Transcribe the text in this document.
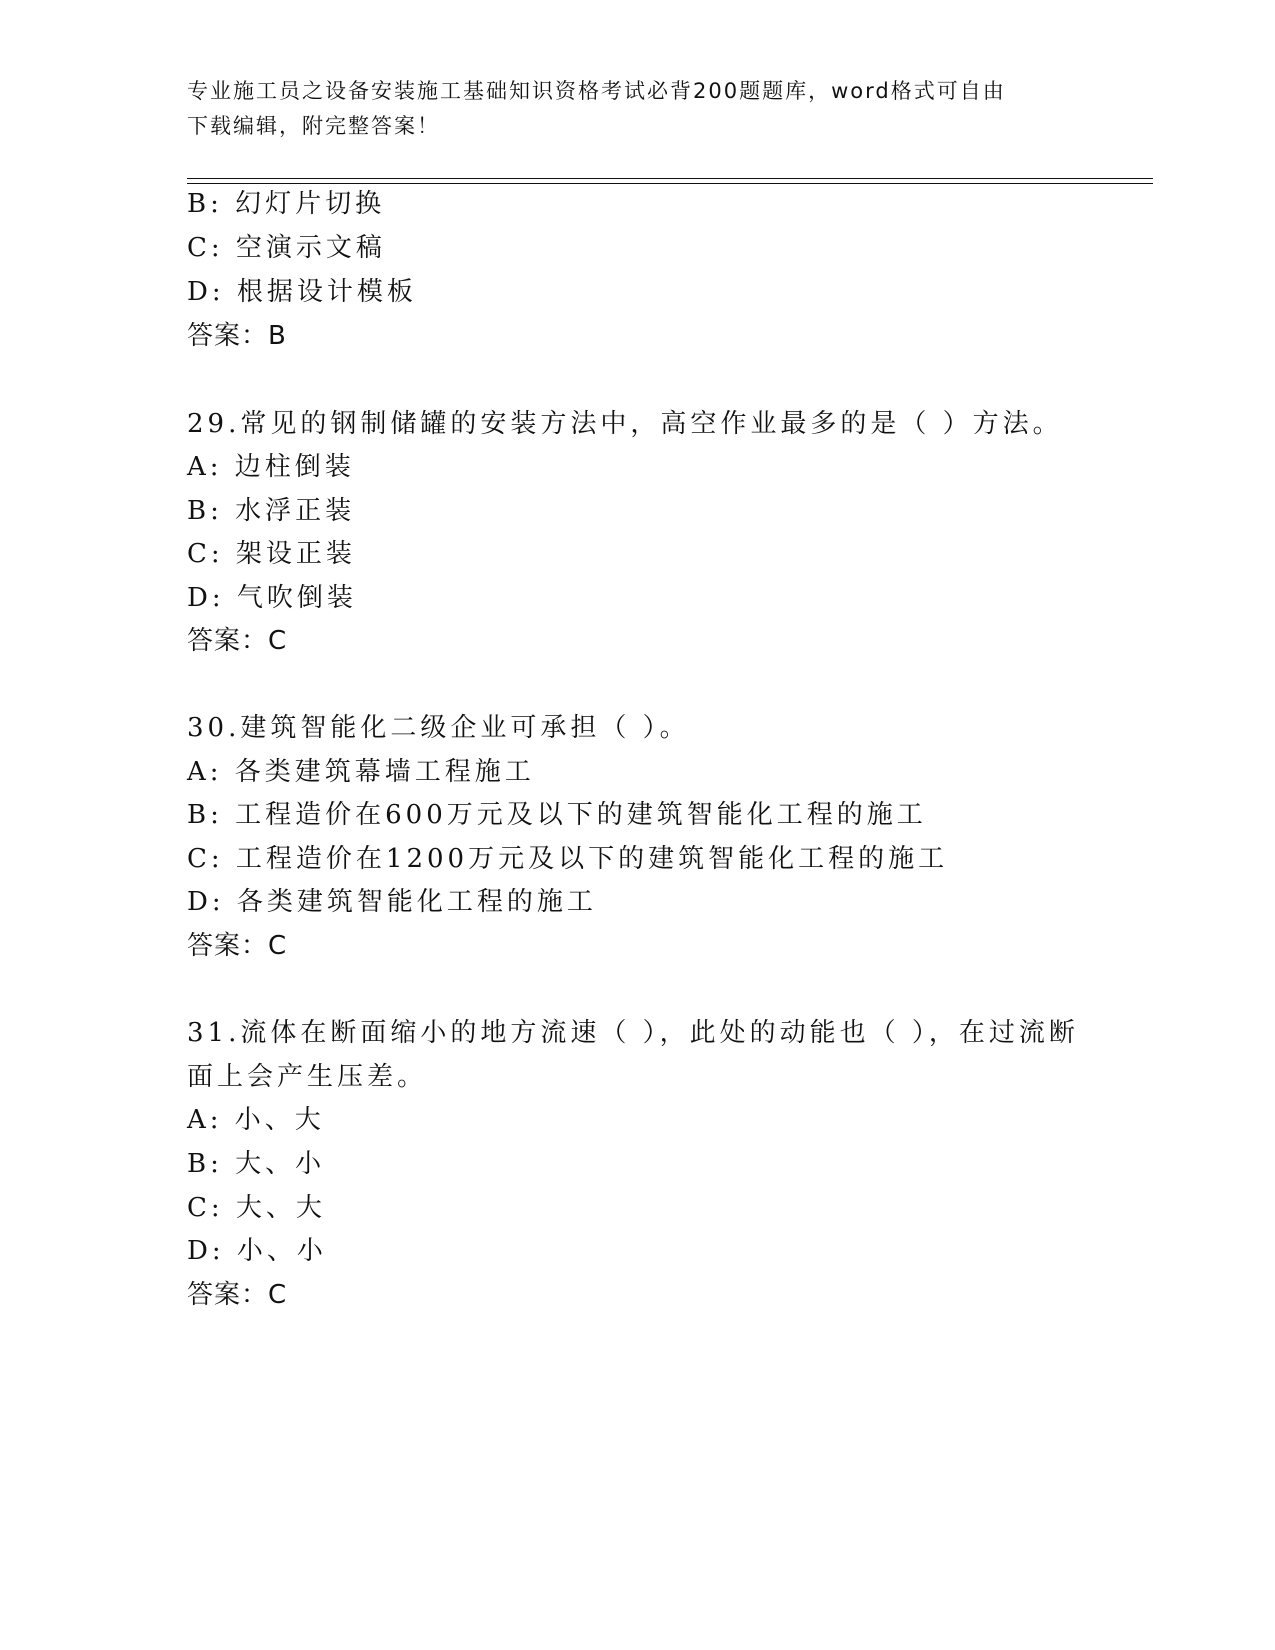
专业施工员之设备安装施工基础知识资格考试必背200题题库，word格式可自由
下载编辑，附完整答案！
B: 幻灯片切换
C: 空演示文稿
D: 根据设计模板
答案：B
29.常见的钢制储罐的安装方法中，高空作业最多的是（ ）方法。
A: 边柱倒装
B: 水浮正装
C: 架设正装
D: 气吹倒装
答案：C
30.建筑智能化二级企业可承担（ ）。
A: 各类建筑幕墙工程施工
B: 工程造价在600万元及以下的建筑智能化工程的施工
C: 工程造价在1200万元及以下的建筑智能化工程的施工
D: 各类建筑智能化工程的施工
答案：C
31.流体在断面缩小的地方流速（ ），此处的动能也（ ），在过流断
面上会产生压差。
A: 小、大
B: 大、小
C: 大、大
D: 小、小
答案：C
